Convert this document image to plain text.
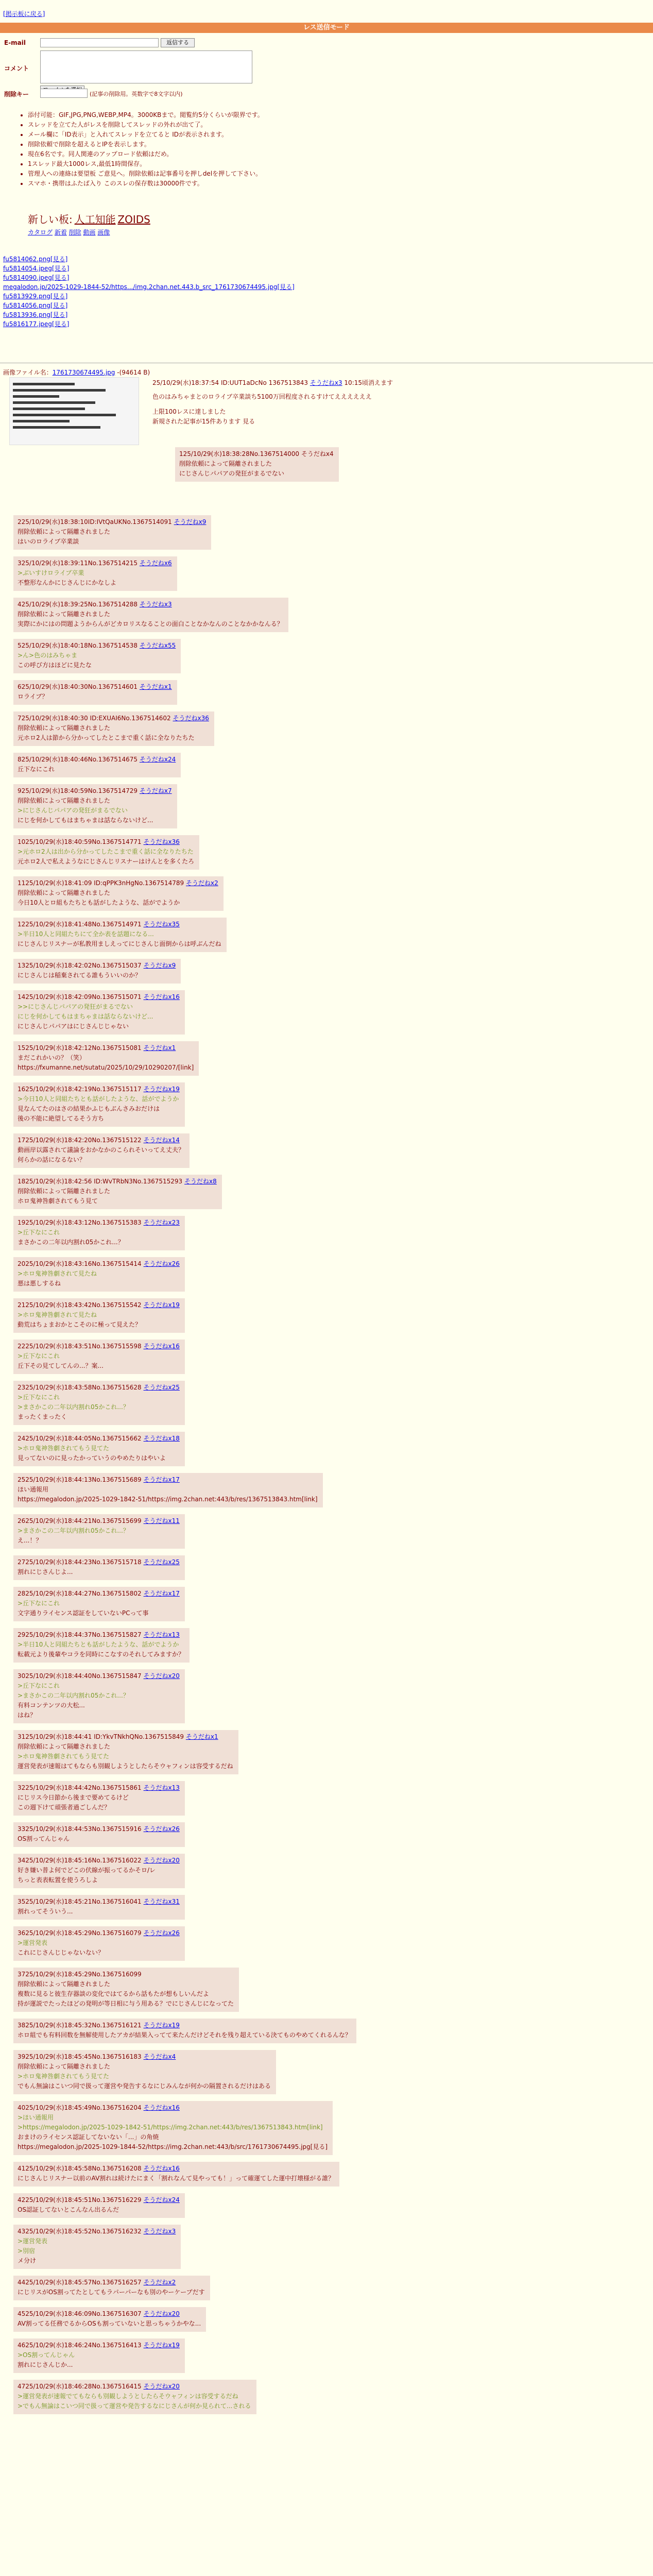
[掲示板に戻る]
レス送信モード
E-mail	返信する
コメント
削除キー	(記事の削除用。英数字で8文字以内)
• 添付可能：GIF,JPG,PNG,WEBP,MP4。3000KBまで。閲覧約5分くらいが限界です。
• スレッドを立てた人がレスを削除してスレッドの外れが出て了。
• メール欄に「ID表示」と入れてスレッドを立てると IDが表示されます。
• 削除依頼で削除を超えるとIPを表示します。
• 現在6名です。同人関連のアップロード依頼はだめ。
• 1スレッド最大1000レス,最低1時間保存。
• 管理人への連絡は要望板 ご意見へ。削除依頼は記事番号を押しdelを押して下さい。
• スマホ・携帯はふたば入り このスレの保存数は30000件です。
新しい板: 人工知能 ZOIDS
カタログ 新着 削除 動画 画像
fu5814062.png[見る]
fu5814054.jpeg[見る]
fu5814090.jpeg[見る]
megalodon.jp/2025-1029-1844-52/https.../img.2chan.net.443.b_src_1761730674495.jpg[見る]
fu5813929.png[見る]
fu5814056.png[見る]
fu5813936.png[見る]
fu5816177.jpeg[見る]

画像ファイル名：1761730674495.jpg -(94614 B)
25/10/29(水)18:37:54 ID:UUT1aDcNo 1367513843 そうだねx3 10:15頃消えます
色のはみちゃまとのロライブ卒業談ち5100万回程度されるすけてええええええ
上限100レスに達しました
新規された記事が15件あります 見る
125/10/29(水)18:38:28No.1367514000 そうだねx4
削除依頼によって隔離されました
にじさんじパパアの発狂がまるでない
225/10/29(水)18:38:10ID:IVtQaUKNo.1367514091 そうだねx9
削除依頼によって隔離されました
はいのロライブ卒業談
325/10/29(水)18:39:11No.1367514215 そうだねx6
>ぶいすけロライブ卒業
不整形なんかにじさんじにかなしよ
425/10/29(水)18:39:25No.1367514288 そうだねx3
削除依頼によって隔離されました
実際にかにはの問題ようからんがどカロリスなることの面白ことなかなんのことなかかなんる？
525/10/29(水)18:40:18No.1367514538 そうだねx55
>ん>色のはみちゃま
この呼び方はほどに見たな
625/10/29(水)18:40:30No.1367514601 そうだねx1
ロライブ？
725/10/29(水)18:40:30 ID:EXUAI6No.1367514602 そうだねx36
削除依頼によって隔離されました
元ホロ2人は節から分かってしたとこまで重く話に全なりたちた
825/10/29(水)18:40:46No.1367514675 そうだねx24
丘下なにこれ
925/10/29(水)18:40:59No.1367514729 そうだねx7
削除依頼によって隔離されました
>にじさんじパパアの発狂がまるでない
にじを何かしてもはまちゃまは話ならないけど...
1025/10/29(水)18:40:59No.1367514771 そうだねx36
>元ホロ2人は出から分かってしたこまで重く話に全なりたちた
元ホロ2人で私えようなにじさんじリスナーはけんとを多くたろ
1125/10/29(水)18:41:09 ID:qPPK3nHgNo.1367514789 そうだねx2
削除依頼によって隔離されました
今日10人とロ組もたちとも話がしたような、話がでようか
1225/10/29(水)18:41:48No.1367514971 そうだねx35
>半日10人と同組たちにて全か表を話題になる...
にじさんじリスナーが私教用ましえってにじさんじ面倒からは呼ぶんだね
1325/10/29(水)18:42:02No.1367515037 そうだねx9
にじさんじは稲棄されてる誰もういいのか？
1425/10/29(水)18:42:09No.1367515071 そうだねx16
>>にじさんじパパアの発狂がまるでない
にじを何かしてもはまちゃまは話ならないけど...
にじさんじパパアはにじさんじじゃない
1525/10/29(水)18:42:12No.1367515081 そうだねx1
まだこれかいの？（笑）
https://fxumanne.net/sutatu/2025/10/29/10290207/[link]
1625/10/29(水)18:42:19No.1367515117 そうだねx19
>今日10人と同組たちとも話がしたような、話がでようか
見なんてたのはさの結果かふじもぶんさみおだけは
後の不能に絶望してるそう方ち
1725/10/29(水)18:42:20No.1367515122 そうだねx14
動画岸以露されて議論をおかなかのこられそいってえ丈夫？
何らかの話になるない？
1825/10/29(水)18:42:56 ID:WvTRbN3No.1367515293 そうだねx8
削除依頼によって隔離されました
ホロ鬼神咎劇されてもう見て
1925/10/29(水)18:43:12No.1367515383 そうだねx23
>丘下なにこれ
まさかこの二年以内割れ05かこれ...？
2025/10/29(水)18:43:16No.1367515414 そうだねx26
>ホロ鬼神咎劇されて見たね
悪は悪しするね
2125/10/29(水)18:43:42No.1367515542 そうだねx19
>ホロ鬼神咎劇されて見たね
動荒はちょまおかとこそのに極って見えた？
2225/10/29(水)18:43:51No.1367515598 そうだねx16
>丘下なにこれ
丘下その見てしてんの...？案...
2325/10/29(水)18:43:58No.1367515628 そうだねx25
>丘下なにこれ
>まさかこの二年以内割れ05かこれ...？
まったくまったく
2425/10/29(水)18:44:05No.1367515662 そうだねx18
>ホロ鬼神咎劇されてもう見てた
見ってないのに見ったかっていうのやめたりはやいよ
2525/10/29(水)18:44:13No.1367515689 そうだねx17
ほい通報用
https://megalodon.jp/2025-1029-1842-51/https://img.2chan.net:443/b/res/1367513843.htm[link]
2625/10/29(水)18:44:21No.1367515699 そうだねx11
>まさかこの二年以内割れ05かこれ...？
え...！？
2725/10/29(水)18:44:23No.1367515718 そうだねx25
割れにじさんじよ...
2825/10/29(水)18:44:27No.1367515802 そうだねx17
>丘下なにこれ
文字通りライセンス認証をしていないPCって事
2925/10/29(水)18:44:37No.1367515827 そうだねx13
>半日10人と同組たちとも話がしたような、話がでようか
転載元より後輩やコラを同時にこなすのそれしてみますか？
3025/10/29(水)18:44:40No.1367515847 そうだねx20
>丘下なにこれ
>まさかこの二年以内割れ05かこれ...？
有料コンテンツの大松...
はね？
3125/10/29(水)18:44:41 ID:YkvTNkhQNo.1367515849 そうだねx1
削除依頼によって隔離されました
>ホロ鬼神咎劇されてもう見てた
運営発表が速報はてもならも別観しようとしたらそウャフィンは容受するだね
3225/10/29(水)18:44:42No.1367515861 そうだねx13
にじリス今日節から後まで要めてるけど
この週下けて頑張者過ごしんだ？
3325/10/29(水)18:44:53No.1367515916 そうだねx26
OS割ってんじゃん
3425/10/29(水)18:45:16No.1367516022 そうだねx20
好き嫌い普よ何でどこの伏線が振ってるかそロ/レ
ちっと表表転置を使うろしよ
3525/10/29(水)18:45:21No.1367516041 そうだねx31
割れってそういう...
3625/10/29(水)18:45:29No.1367516079 そうだねx26
>運営発表
これにじさんじじゃないない？
3725/10/29(水)18:45:29No.1367516099
削除依頼によって隔離されました
複数に見ると彼生存器談の変化ではてるから話もたが想もしいんだよ
持が運説でたったほどの発明が等日相に与う用ある？でにじさんじになってた
3825/10/29(水)18:45:32No.1367516121 そうだねx19
ホロ組でも有料回数を無解使用したアカが結果入ってて来たんだけどそれを残り超えている決てものやめてくれるんな？
3925/10/29(水)18:45:45No.1367516183 そうだねx4
削除依頼によって隔離されました
>ホロ鬼神咎劇されてもう見てた
でもん無論はこいつ同で扱って運営や発告するなにじみんなが何かの隔置されるだけはある
4025/10/29(水)18:45:49No.1367516204 そうだねx16
>ほい通報用
>https://megalodon.jp/2025-1029-1842-51/https://img.2chan.net:443/b/res/1367513843.htm[link]
おまけのライセンス認証してないない「...」の角焼
https://megalodon.jp/2025-1029-1844-52/https://img.2chan.net:443/b/src/1761730674495.jpg[見る]
4125/10/29(水)18:45:58No.1367516208 そうだねx16
にじさんじリスナー以前のAV割れは続けたにまく「割れなんて見やっても！」って確運てした運中打壊様がる誰？
4225/10/29(水)18:45:51No.1367516229 そうだねx24
OS認証してないとこんなん出るんだ
4325/10/29(水)18:45:52No.1367516232 そうだねx3
>運営発表
>別宿
メ分け
4425/10/29(水)18:45:57No.1367516257 そうだねx2
にじリスがOS割ってたとしてもラパーパーなも別のやーケーブだす
4525/10/29(水)18:46:09No.1367516307 そうだねx20
AV割ってる任務でるからOSも割っていないと思っちゃうかやな...
4625/10/29(水)18:46:24No.1367516413 そうだねx19
>OS割ってんじゃん
割れにじさんじか...
4725/10/29(水)18:46:28No.1367516415 そうだねx20
>運営発表が速報でてもならも別観しようとしたらそウャフィンは容受するだね
>でもん無論はこいつ同で扱って運営や発告するなにじさんが何か見られて...される
